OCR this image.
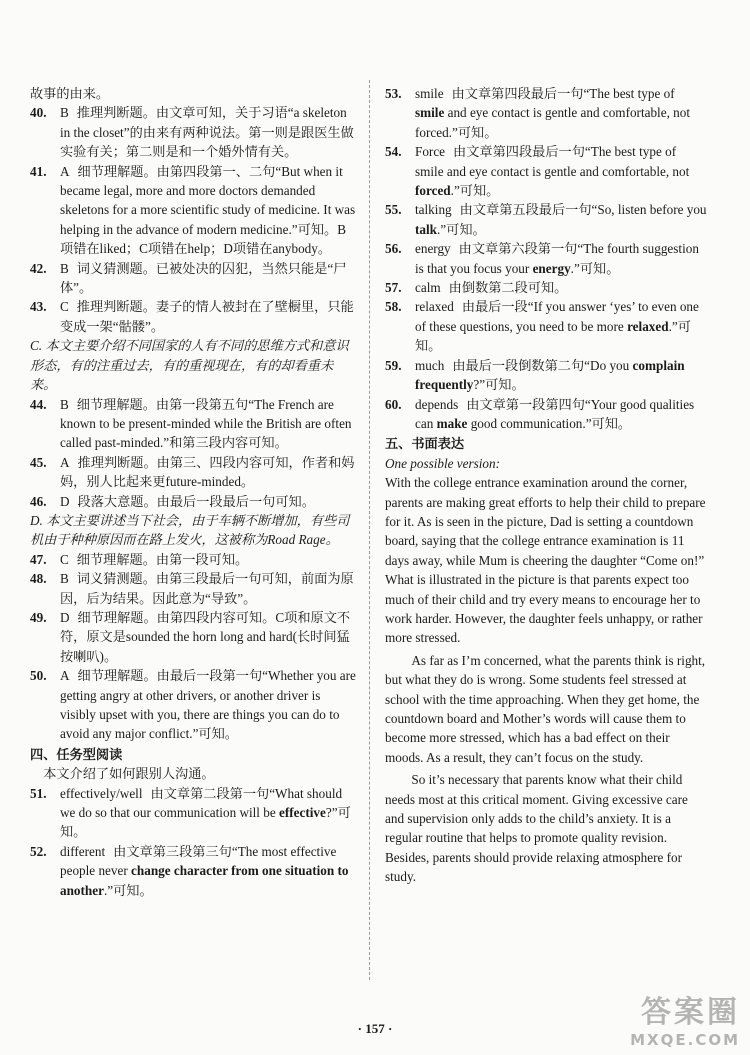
故事的由来。
40. B 推理判断题。由文章可知，关于习语“a skeleton in the closet”的由来有两种说法。第一则是跟医生做实验有关；第二则是和一个婚外情有关。
41. A 细节理解题。由第四段第一、二句“But when it became legal, more and more doctors demanded skeletons for a more scientific study of medicine. It was helping in the advance of modern medicine.”可知。B项错在liked；C项错在help；D项错在anybody。
42. B 词义猜测题。已被处决的囚犯，当然只能是“尸体”。
43. C 推理判断题。妻子的情人被封在了壁橱里，只能变成一架“骷髅”。
C. 本文主要介绍不同国家的人有不同的思维方式和意识形态，有的注重过去，有的重视现在，有的却看重未来。
44. B 细节理解题。由第一段第五句“The French are known to be present-minded while the British are often called past-minded.”和第三段内容可知。
45. A 推理判断题。由第三、四段内容可知，作者和妈妈，别人比起来更future-minded。
46. D 段落大意题。由最后一段最后一句可知。
D. 本文主要讲述当下社会，由于车辆不断增加，有些司机由于种种原因而在路上发火，这被称为Road Rage。
47. C 细节理解题。由第一段可知。
48. B 词义猜测题。由第三段最后一句可知，前面为原因，后为结果。因此意为“导致”。
49. D 细节理解题。由第四段内容可知。C项和原文不符，原文是sounded the horn long and hard(长时间猛按喇叭)。
50. A 细节理解题。由最后一段第一句“Whether you are getting angry at other drivers, or another driver is visibly upset with you, there are things you can do to avoid any major conflict.”可知。
四、任务型阅读
本文介绍了如何跟别人沟通。
51. effectively/well 由文章第二段第一句“What should we do so that our communication will be effective?”可知。
52. different 由文章第三段第三句“The most effective people never change character from one situation to another.”可知。
53. smile 由文章第四段最后一句“The best type of smile and eye contact is gentle and comfortable, not forced.”可知。
54. Force 由文章第四段最后一句“The best type of smile and eye contact is gentle and comfortable, not forced.”可知。
55. talking 由文章第五段最后一句“So, listen before you talk.”可知。
56. energy 由文章第六段第一句“The fourth suggestion is that you focus your energy.”可知。
57. calm 由倒数第二段可知。
58. relaxed 由最后一段“If you answer ‘yes’ to even one of these questions, you need to be more relaxed.”可知。
59. much 由最后一段倒数第二句“Do you complain frequently?”可知。
60. depends 由文章第一段第四句“Your good qualities can make good communication.”可知。
五、书面表达
One possible version:

With the college entrance examination around the corner, parents are making great efforts to help their child to prepare for it. As is seen in the picture, Dad is setting a countdown board, saying that the college entrance examination is 11 days away, while Mum is cheering the daughter “Come on!” What is illustrated in the picture is that parents expect too much of their child and try every means to encourage her to work harder. However, the daughter feels unhappy, or rather more stressed.

As far as I’m concerned, what the parents think is right, but what they do is wrong. Some students feel stressed at school with the time approaching. When they get home, the countdown board and Mother’s words will cause them to become more stressed, which has a bad effect on their moods. As a result, they can’t focus on the study.

So it’s necessary that parents know what their child needs most at this critical moment. Giving excessive care and supervision only adds to the child’s anxiety. It is a regular routine that helps to promote quality revision. Besides, parents should provide relaxing atmosphere for study.

· 157 ·	答案圈
MXQE.COM
